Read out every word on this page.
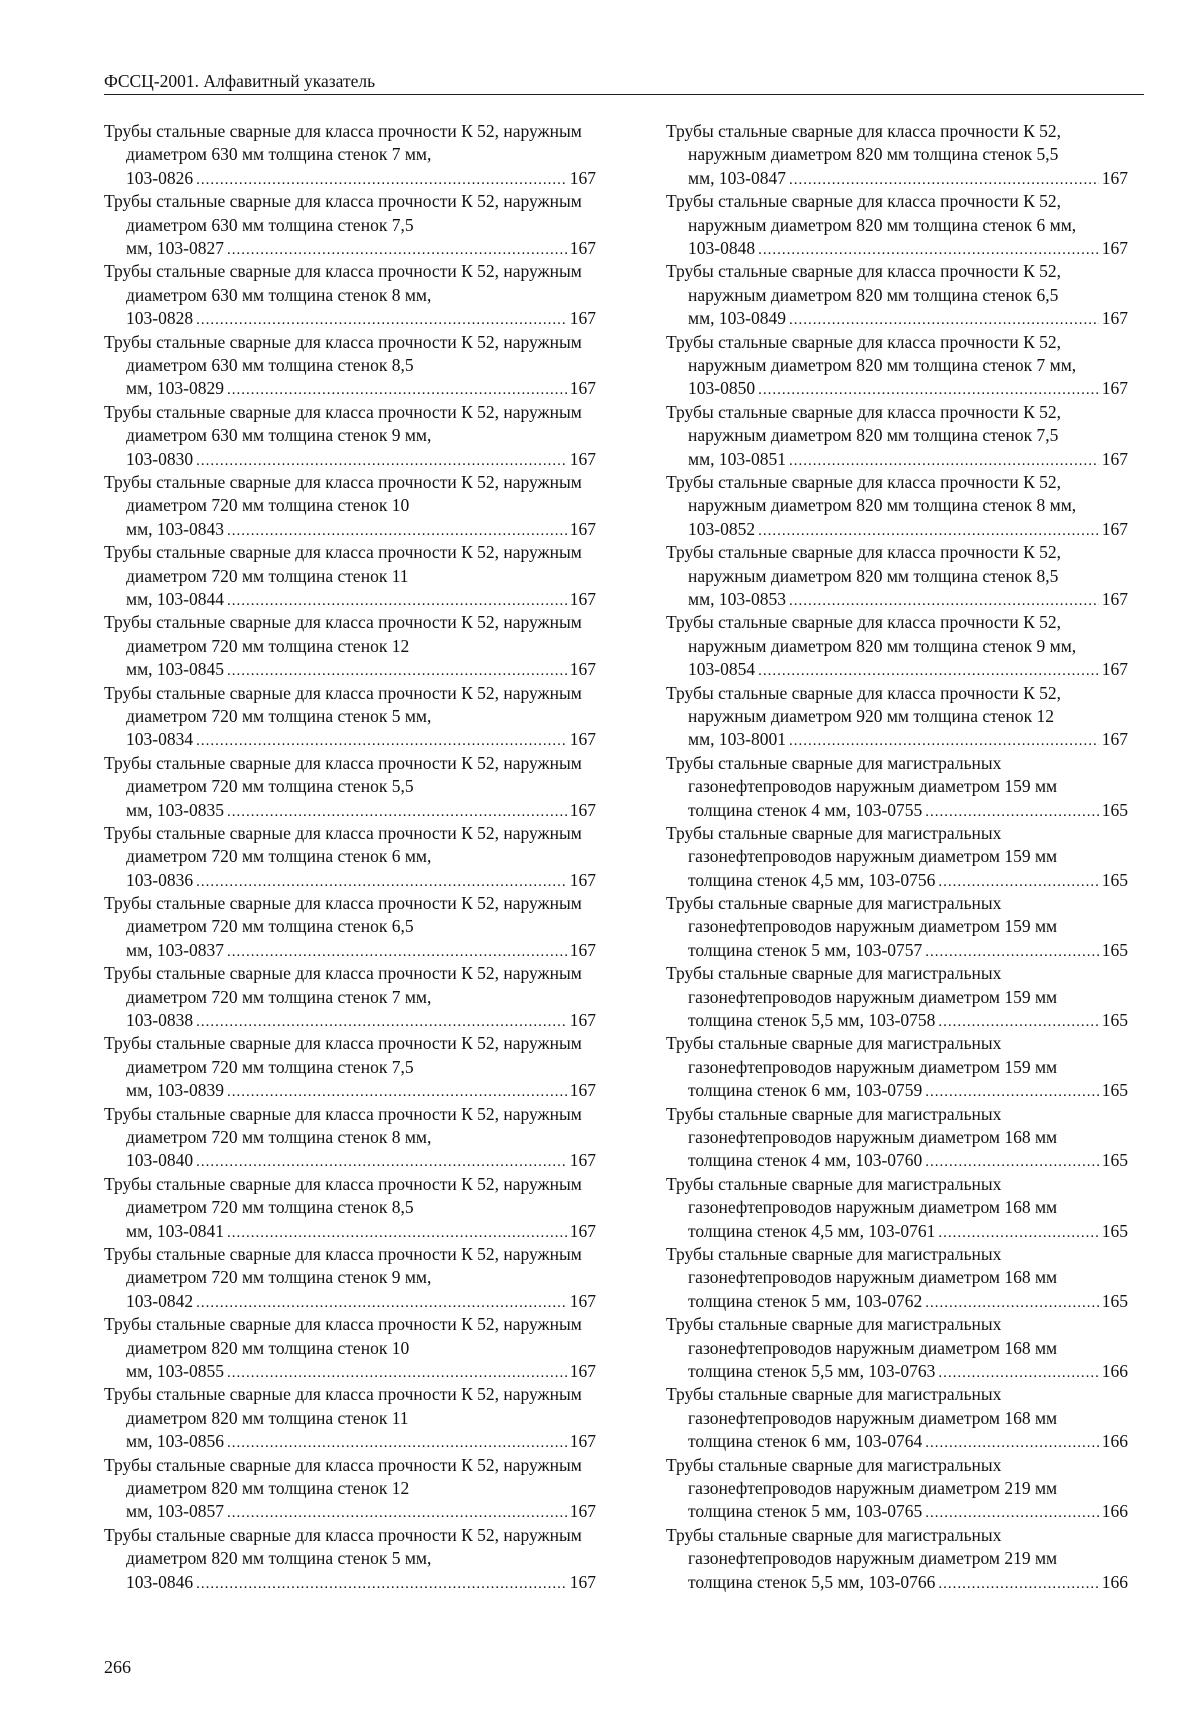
ФССЦ-2001. Алфавитный указатель
Трубы стальные сварные для класса прочности К 52, наружным диаметром 630 мм толщина стенок 7 мм,
103-0826 .....	167
Трубы стальные сварные для класса прочности К 52, наружным диаметром 630 мм толщина стенок 7,5
мм, 103-0827 .....	167
Трубы стальные сварные для класса прочности К 52, наружным диаметром 630 мм толщина стенок 8 мм,
103-0828 .....	167
Трубы стальные сварные для класса прочности К 52, наружным диаметром 630 мм толщина стенок 8,5
мм, 103-0829 .....	167
Трубы стальные сварные для класса прочности К 52, наружным диаметром 630 мм толщина стенок 9 мм,
103-0830 .....	167
Трубы стальные сварные для класса прочности К 52, наружным диаметром 720 мм толщина стенок 10
мм, 103-0843 .....	167
Трубы стальные сварные для класса прочности К 52, наружным диаметром 720 мм толщина стенок 11
мм, 103-0844 .....	167
Трубы стальные сварные для класса прочности К 52, наружным диаметром 720 мм толщина стенок 12
мм, 103-0845 .....	167
Трубы стальные сварные для класса прочности К 52, наружным диаметром 720 мм толщина стенок 5 мм,
103-0834 .....	167
Трубы стальные сварные для класса прочности К 52, наружным диаметром 720 мм толщина стенок 5,5
мм, 103-0835 .....	167
Трубы стальные сварные для класса прочности К 52, наружным диаметром 720 мм толщина стенок 6 мм,
103-0836 .....	167
Трубы стальные сварные для класса прочности К 52, наружным диаметром 720 мм толщина стенок 6,5
мм, 103-0837 .....	167
Трубы стальные сварные для класса прочности К 52, наружным диаметром 720 мм толщина стенок 7 мм,
103-0838 .....	167
Трубы стальные сварные для класса прочности К 52, наружным диаметром 720 мм толщина стенок 7,5
мм, 103-0839 .....	167
Трубы стальные сварные для класса прочности К 52, наружным диаметром 720 мм толщина стенок 8 мм,
103-0840 .....	167
Трубы стальные сварные для класса прочности К 52, наружным диаметром 720 мм толщина стенок 8,5
мм, 103-0841 .....	167
Трубы стальные сварные для класса прочности К 52, наружным диаметром 720 мм толщина стенок 9 мм,
103-0842 .....	167
Трубы стальные сварные для класса прочности К 52, наружным диаметром 820 мм толщина стенок 10
мм, 103-0855 .....	167
Трубы стальные сварные для класса прочности К 52, наружным диаметром 820 мм толщина стенок 11
мм, 103-0856 .....	167
Трубы стальные сварные для класса прочности К 52, наружным диаметром 820 мм толщина стенок 12
мм, 103-0857 .....	167
Трубы стальные сварные для класса прочности К 52, наружным диаметром 820 мм толщина стенок 5 мм,
103-0846 .....	167
Трубы стальные сварные для класса прочности К 52, наружным диаметром 820 мм толщина стенок 5,5
мм, 103-0847 .....	167
Трубы стальные сварные для класса прочности К 52, наружным диаметром 820 мм толщина стенок 6 мм,
103-0848 .....	167
Трубы стальные сварные для класса прочности К 52, наружным диаметром 820 мм толщина стенок 6,5
мм, 103-0849 .....	167
Трубы стальные сварные для класса прочности К 52, наружным диаметром 820 мм толщина стенок 7 мм,
103-0850 .....	167
Трубы стальные сварные для класса прочности К 52, наружным диаметром 820 мм толщина стенок 7,5
мм, 103-0851 .....	167
Трубы стальные сварные для класса прочности К 52, наружным диаметром 820 мм толщина стенок 8 мм,
103-0852 .....	167
Трубы стальные сварные для класса прочности К 52, наружным диаметром 820 мм толщина стенок 8,5
мм, 103-0853 .....	167
Трубы стальные сварные для класса прочности К 52, наружным диаметром 820 мм толщина стенок 9 мм,
103-0854 .....	167
Трубы стальные сварные для класса прочности К 52, наружным диаметром 920 мм толщина стенок 12
мм, 103-8001 .....	167
Трубы стальные сварные для магистральных газонефтепроводов наружным диаметром 159 мм
толщина стенок 4 мм, 103-0755 .....	165
Трубы стальные сварные для магистральных газонефтепроводов наружным диаметром 159 мм
толщина стенок 4,5 мм, 103-0756 .....	165
Трубы стальные сварные для магистральных газонефтепроводов наружным диаметром 159 мм
толщина стенок 5 мм, 103-0757 .....	165
Трубы стальные сварные для магистральных газонефтепроводов наружным диаметром 159 мм
толщина стенок 5,5 мм, 103-0758 .....	165
Трубы стальные сварные для магистральных газонефтепроводов наружным диаметром 159 мм
толщина стенок 6 мм, 103-0759 .....	165
Трубы стальные сварные для магистральных газонефтепроводов наружным диаметром 168 мм
толщина стенок 4 мм, 103-0760 .....	165
Трубы стальные сварные для магистральных газонефтепроводов наружным диаметром 168 мм
толщина стенок 4,5 мм, 103-0761 .....	165
Трубы стальные сварные для магистральных газонефтепроводов наружным диаметром 168 мм
толщина стенок 5 мм, 103-0762 .....	165
Трубы стальные сварные для магистральных газонефтепроводов наружным диаметром 168 мм
толщина стенок 5,5 мм, 103-0763 .....	166
Трубы стальные сварные для магистральных газонефтепроводов наружным диаметром 168 мм
толщина стенок 6 мм, 103-0764 .....	166
Трубы стальные сварные для магистральных газонефтепроводов наружным диаметром 219 мм
толщина стенок 5 мм, 103-0765 .....	166
Трубы стальные сварные для магистральных газонефтепроводов наружным диаметром 219 мм
толщина стенок 5,5 мм, 103-0766 .....	166
266
